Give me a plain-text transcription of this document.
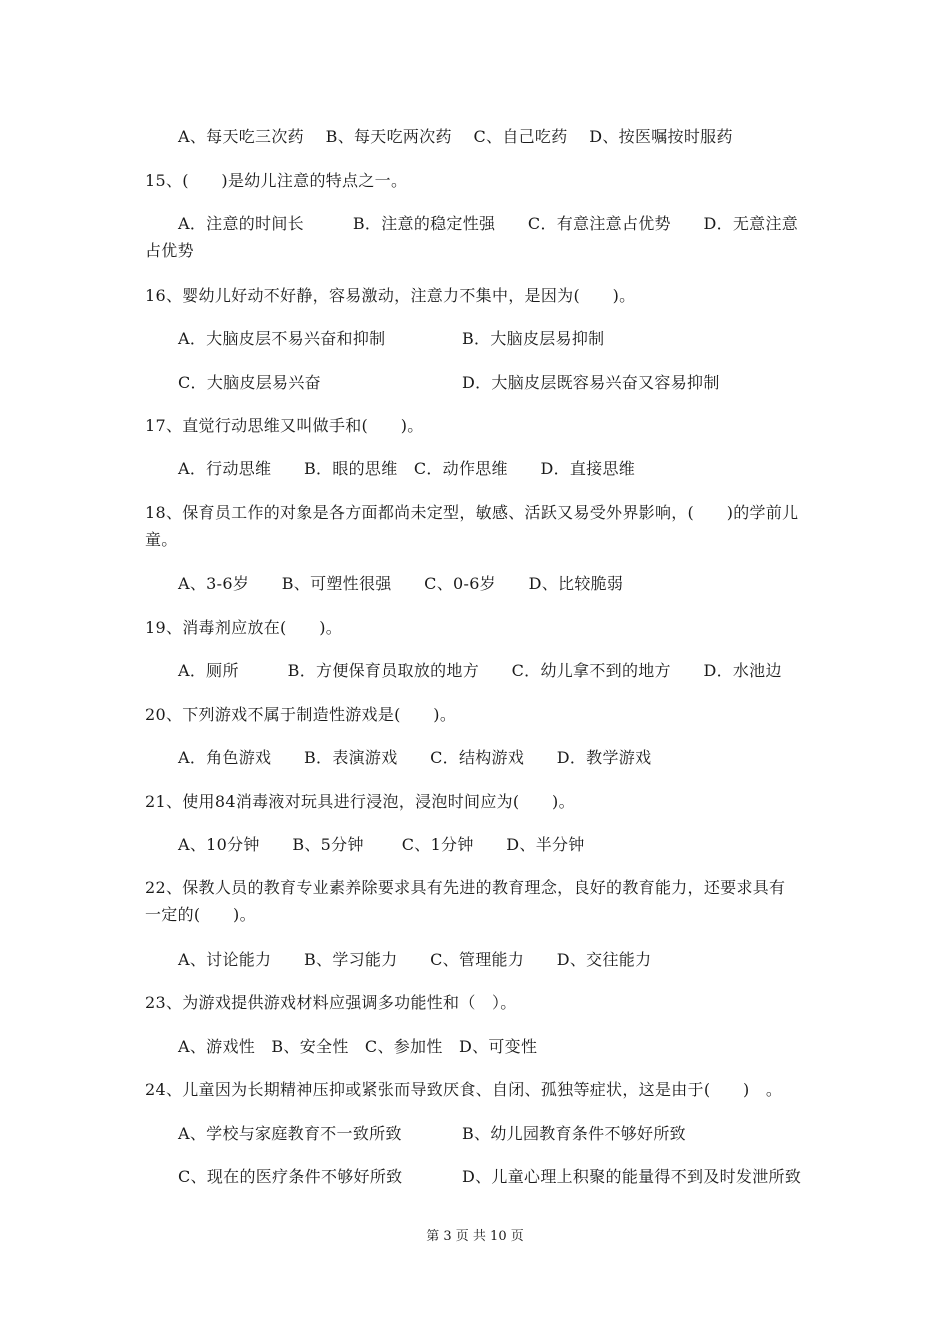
A、每天吃三次药　 B、每天吃两次药　 C、自己吃药　 D、按医嘱按时服药
15、(　　)是幼儿注意的特点之一。
A．注意的时间长　　　B．注意的稳定性强　　C．有意注意占优势　　D．无意注意
占优势
16、婴幼儿好动不好静，容易激动，注意力不集中，是因为(　　)。
A．大脑皮层不易兴奋和抑制	B．大脑皮层易抑制
C．大脑皮层易兴奋	D．大脑皮层既容易兴奋又容易抑制
17、直觉行动思维又叫做手和(　　)。
A．行动思维　　B．眼的思维　C．动作思维　　D．直接思维
18、保育员工作的对象是各方面都尚未定型，敏感、活跃又易受外界影响，(　　)的学前儿
童。
A、3-6岁　　B、可塑性很强　　C、0-6岁　　D、比较脆弱
19、消毒剂应放在(　　)。
A．厕所　　　B．方便保育员取放的地方　　C．幼儿拿不到的地方　　D．水池边
20、下列游戏不属于制造性游戏是(　　)。
A．角色游戏　　B．表演游戏　　C．结构游戏　　D．教学游戏
21、使用84消毒液对玩具进行浸泡，浸泡时间应为(　　)。
A、10分钟　　B、5分钟　　 C、1分钟　　D、半分钟
22、保教人员的教育专业素养除要求具有先进的教育理念，良好的教育能力，还要求具有
一定的(　　)。
A、讨论能力　　B、学习能力　　C、管理能力　　D、交往能力
23、为游戏提供游戏材料应强调多功能性和（　）。
A、游戏性　B、安全性　C、参加性　D、可变性
24、儿童因为长期精神压抑或紧张而导致厌食、自闭、孤独等症状，这是由于(　　)　。
A、学校与家庭教育不一致所致	B、幼儿园教育条件不够好所致
C、现在的医疗条件不够好所致	D、儿童心理上积聚的能量得不到及时发泄所致
第 3 页 共 10 页
